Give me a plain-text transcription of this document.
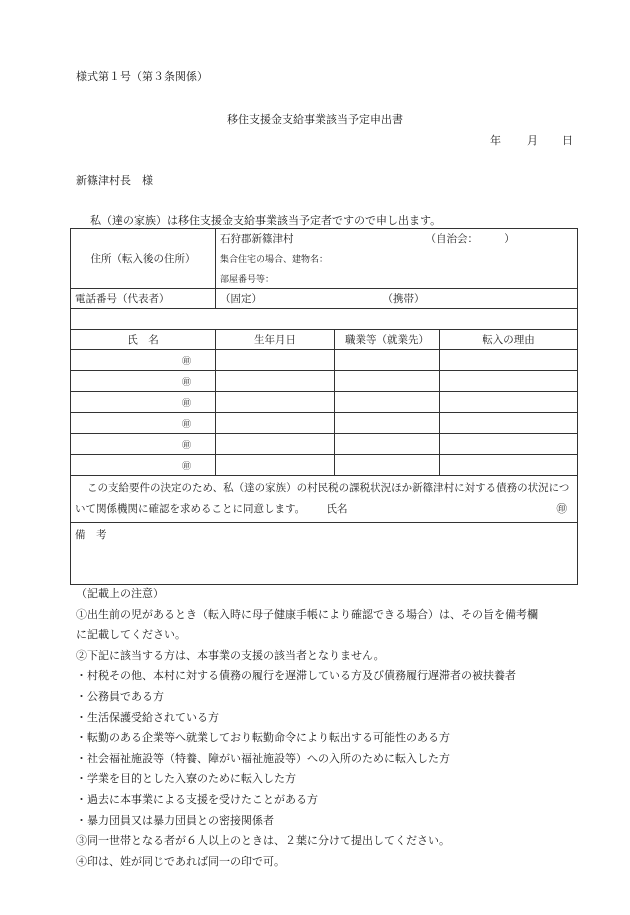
様式第１号（第３条関係）
移住支援金支給事業該当予定申出書
年 月 日
新篠津村長　様
私（達の家族）は移住支援金支給事業該当予定者ですので申し出ます。
住所（転入後の住所）	石狩郡新篠津村 （自治会：　　　）		

	集合住宅の場合、建物名：		
	部屋番号等：		
電話番号（代表者）	（固定） （携帯）		

氏　名	生年月日	職業等（就業先）	転入の理由
㊞			
㊞			
㊞			
㊞			
㊞			
㊞			
この支給要件の決定のため、私（達の家族）の村民税の課税状況ほか新篠津村に対する債務の状況について関係機関に確認を求めることに同意します。 氏名 ㊞			

備　考			
（記載上の注意）
①出生前の児があるとき（転入時に母子健康手帳により確認できる場合）は、その旨を備考欄
に記載してください。
②下記に該当する方は、本事業の支援の該当者となりません。
・村税その他、本村に対する債務の履行を遅滞している方及び債務履行遅滞者の被扶養者
・公務員である方
・生活保護受給されている方
・転勤のある企業等へ就業しており転勤命令により転出する可能性のある方
・社会福祉施設等（特養、障がい福祉施設等）への入所のために転入した方
・学業を目的とした入寮のために転入した方
・過去に本事業による支援を受けたことがある方
・暴力団員又は暴力団員との密接関係者
③同一世帯となる者が６人以上のときは、２葉に分けて提出してください。
④印は、姓が同じであれば同一の印で可。
